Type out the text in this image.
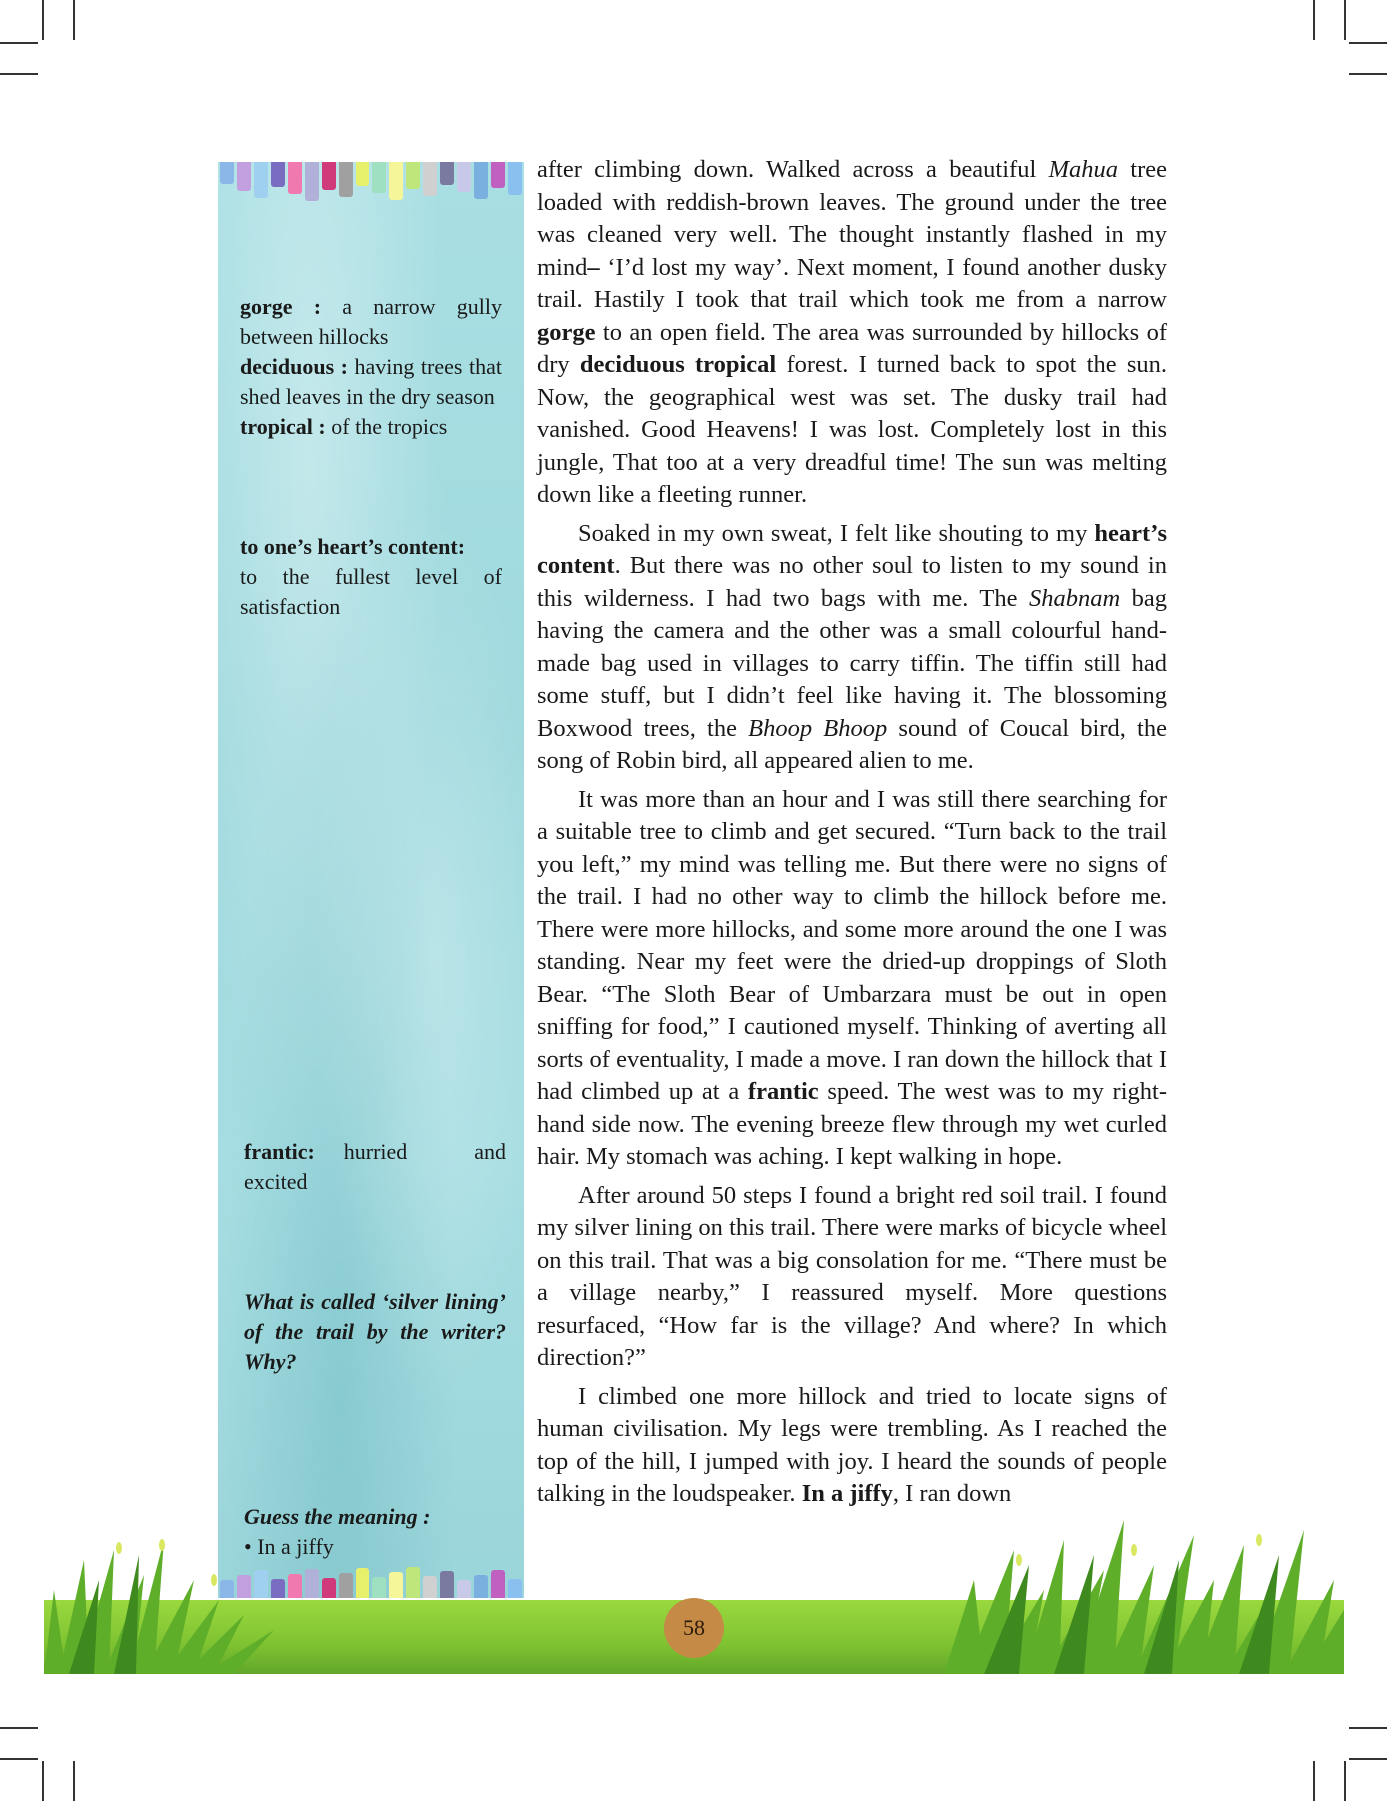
gorge : a narrow gully between hillocks
deciduous : having trees that shed leaves in the dry season
tropical : of the tropics
to one’s heart’s content:
to the fullest level of satisfaction
frantic: hurried and excited
What is called ‘silver lining’ of the trail by the writer? Why?
Guess the meaning :
• In a jiffy

after climbing down. Walked across a beautiful Mahua tree loaded with reddish-brown leaves. The ground under the tree was cleaned very well. The thought instantly flashed in my mind– ‘I’d lost my way’. Next moment, I found another dusky trail. Hastily I took that trail which took me from a narrow gorge to an open field. The area was surrounded by hillocks of dry deciduous tropical forest. I turned back to spot the sun. Now, the geographical west was set. The dusky trail had vanished. Good Heavens! I was lost. Completely lost in this jungle, That too at a very dreadful time! The sun was melting down like a fleeting runner.

Soaked in my own sweat, I felt like shouting to my heart’s content. But there was no other soul to listen to my sound in this wilderness. I had two bags with me. The Shabnam bag having the camera and the other was a small colourful hand-made bag used in villages to carry tiffin. The tiffin still had some stuff, but I didn’t feel like having it. The blossoming Boxwood trees, the Bhoop Bhoop sound of Coucal bird, the song of Robin bird, all appeared alien to me.

It was more than an hour and I was still there searching for a suitable tree to climb and get secured. “Turn back to the trail you left,” my mind was telling me. But there were no signs of the trail. I had no other way to climb the hillock before me. There were more hillocks, and some more around the one I was standing. Near my feet were the dried-up droppings of Sloth Bear. “The Sloth Bear of Umbarzara must be out in open sniffing for food,” I cautioned myself. Thinking of averting all sorts of eventuality, I made a move. I ran down the hillock that I had climbed up at a frantic speed. The west was to my right-hand side now. The evening breeze flew through my wet curled hair. My stomach was aching. I kept walking in hope.

After around 50 steps I found a bright red soil trail. I found my silver lining on this trail. There were marks of bicycle wheel on this trail. That was a big consolation for me. “There must be a village nearby,” I reassured myself. More questions resurfaced, “How far is the village? And where? In which direction?”

I climbed one more hillock and tried to locate signs of human civilisation. My legs were trembling. As I reached the top of the hill, I jumped with joy. I heard the sounds of people talking in the loudspeaker. In a jiffy, I ran down

58
